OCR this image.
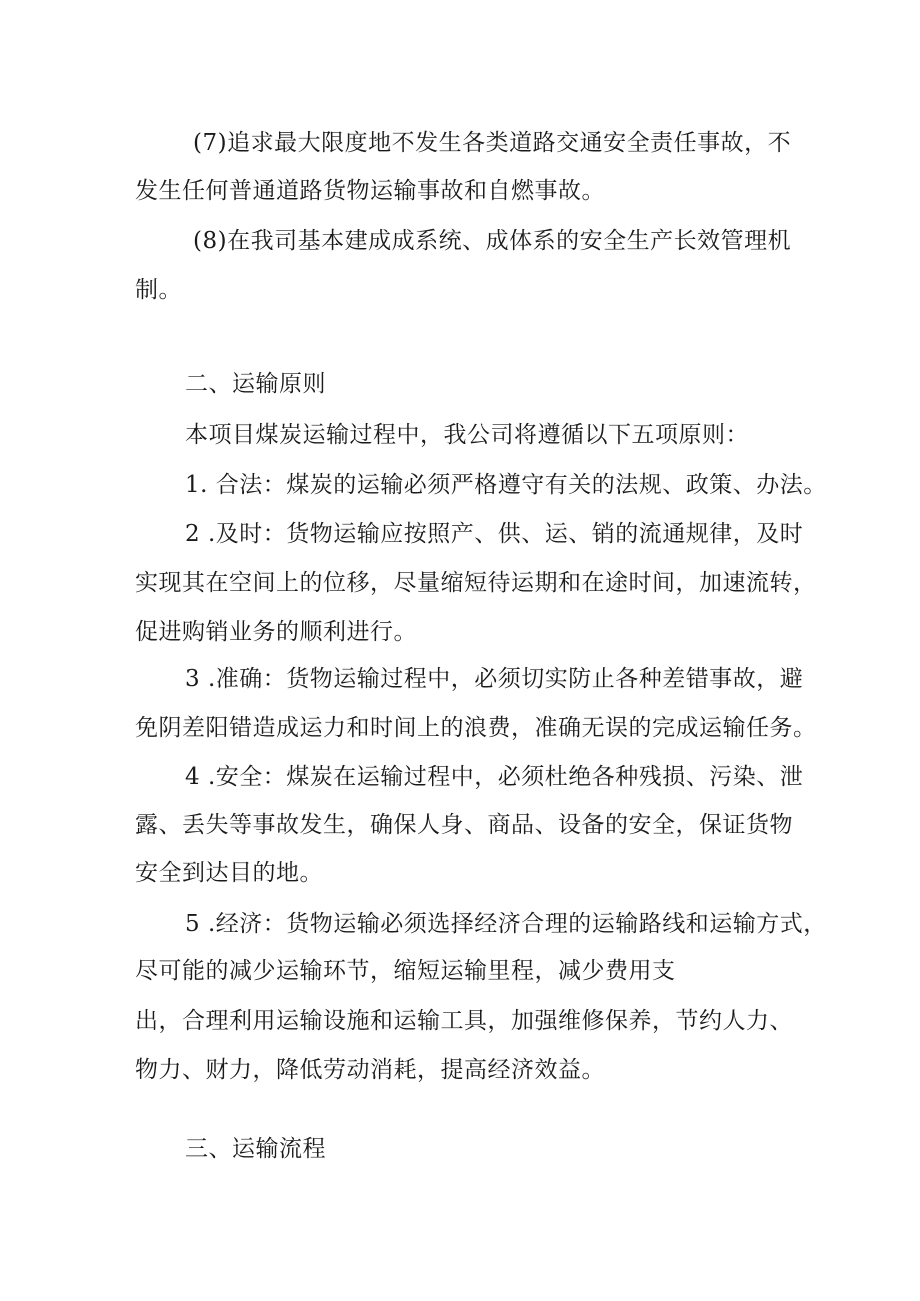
(7)追求最大限度地不发生各类道路交通安全责任事故，不
发生任何普通道路货物运输事故和自燃事故。
(8)在我司基本建成成系统、成体系的安全生产长效管理机
制。
二、运输原则
本项目煤炭运输过程中，我公司将遵循以下五项原则：
1. 合法：煤炭的运输必须严格遵守有关的法规、政策、办法。
2 .及时：货物运输应按照产、供、运、销的流通规律，及时
实现其在空间上的位移，尽量缩短待运期和在途时间，加速流转，
促进购销业务的顺利进行。
3 .准确：货物运输过程中，必须切实防止各种差错事故，避
免阴差阳错造成运力和时间上的浪费，准确无误的完成运输任务。
4 .安全：煤炭在运输过程中，必须杜绝各种残损、污染、泄
露、丢失等事故发生，确保人身、商品、设备的安全，保证货物
安全到达目的地。
5 .经济：货物运输必须选择经济合理的运输路线和运输方式，
尽可能的减少运输环节，缩短运输里程，减少费用支
出，合理利用运输设施和运输工具，加强维修保养，节约人力、
物力、财力，降低劳动消耗，提高经济效益。
三、运输流程
